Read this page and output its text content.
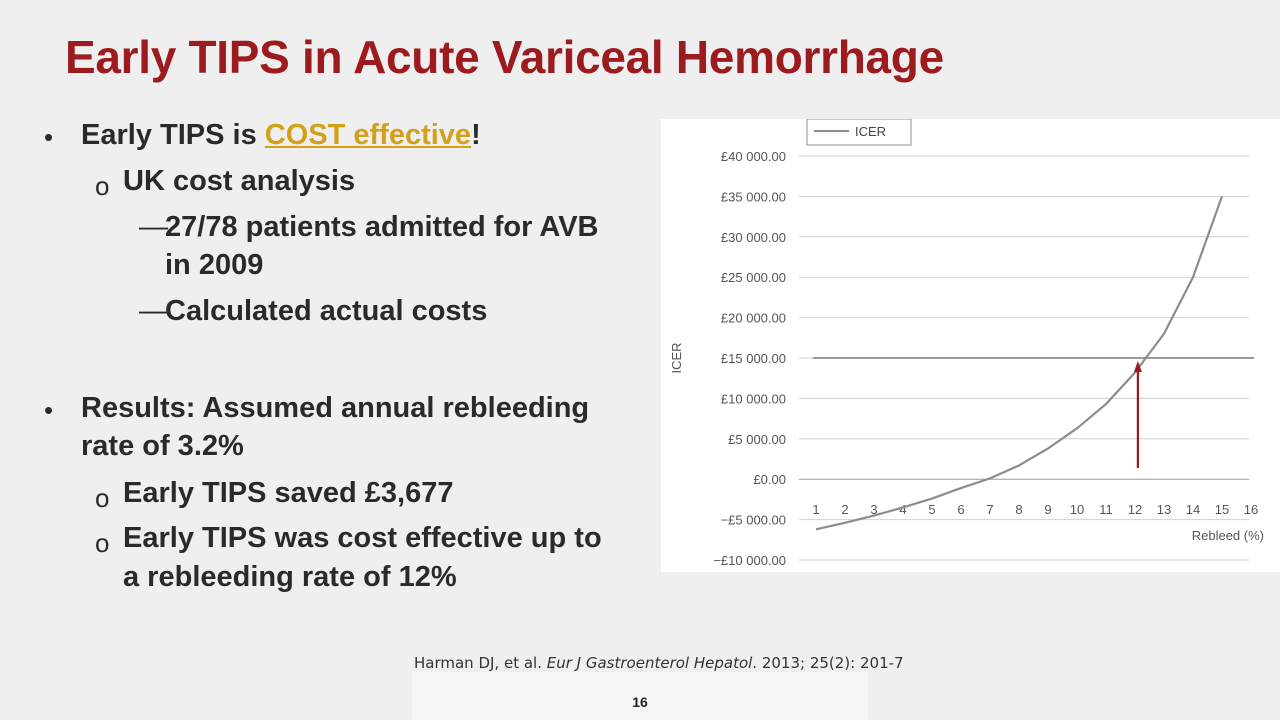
Early TIPS in Acute Variceal Hemorrhage
• Early TIPS is COST effective!
o UK cost analysis
—
27/78 patients admitted for AVB
in 2009
—
Calculated actual costs
• Results: Assumed annual rebleeding
rate of 3.2%
o Early TIPS saved £3,677
o Early TIPS was cost effective up to
a rebleeding rate of 12%
£40 000.00
£35 000.00
£30 000.00
£25 000.00
£20 000.00
£15 000.00
£10 000.00
£5 000.00
£0.00
−£5 000.00
−£10 000.00
1 2 3 4 5 6 7 8 9 10 11 12 13 14 15 16
Rebleed (%)
ICER
ICER
Harman DJ, et al. Eur J Gastroenterol Hepatol. 2013; 25(2): 201-7
16
